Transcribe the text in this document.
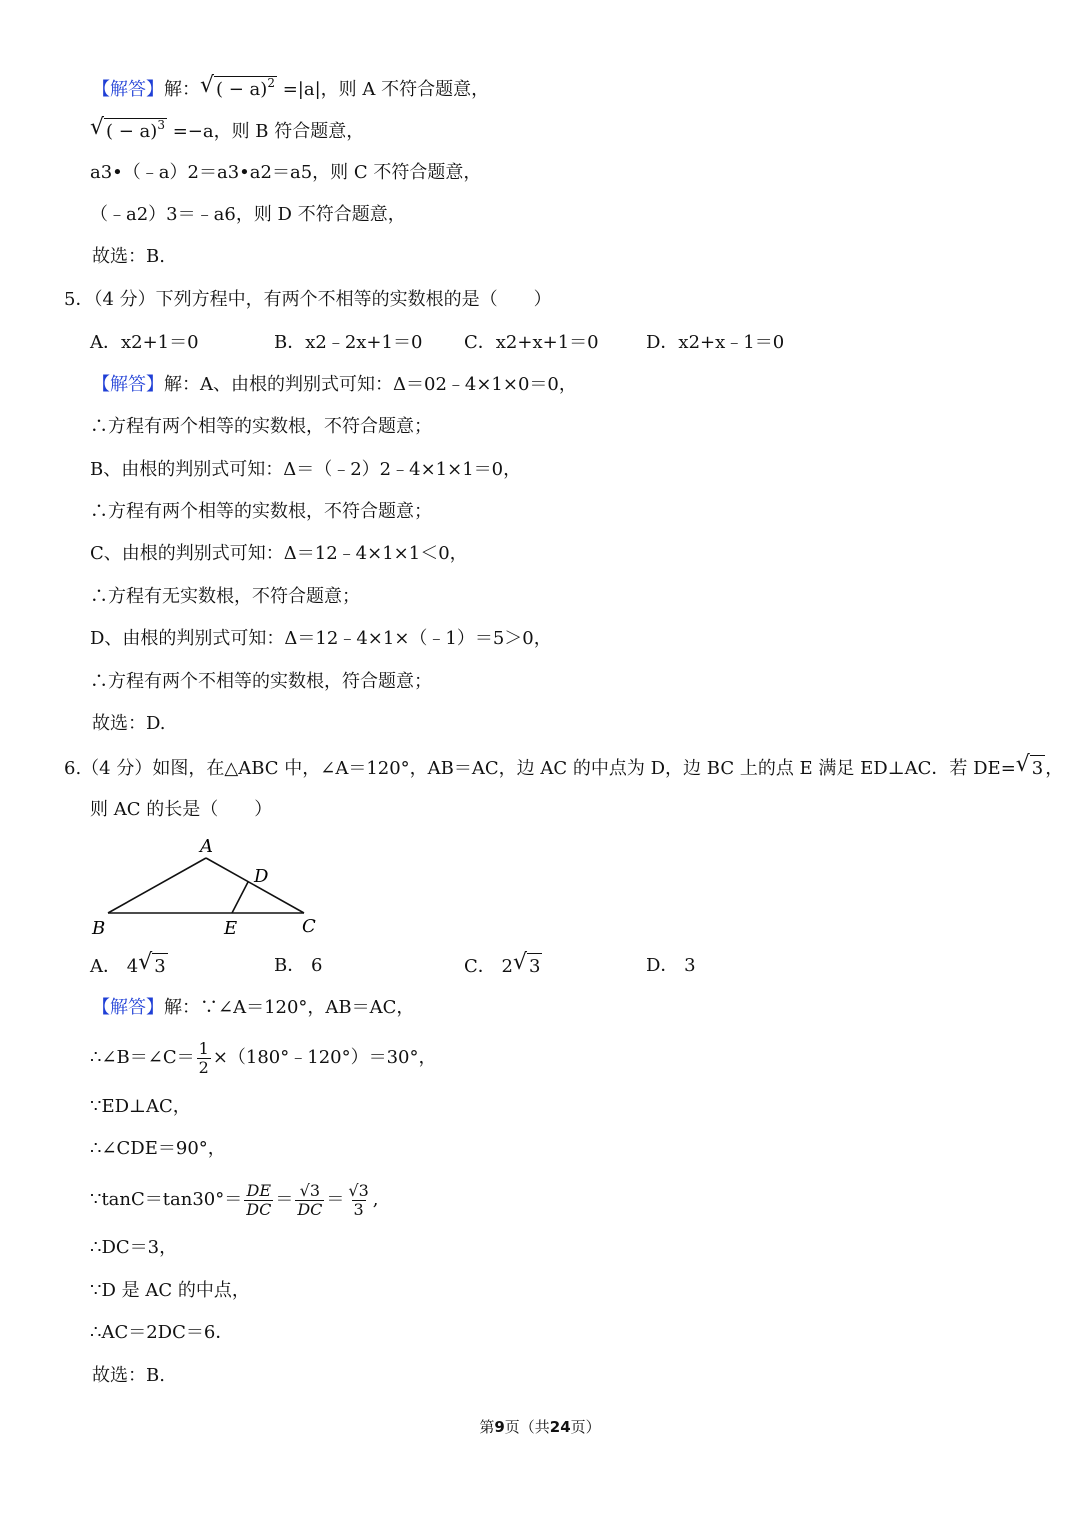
【解答】解： √ ( − a)$^2$ =|a|，则 A 不符合题意，
√ ( − a)$^3$ =−a，则 B 符合题意，
a3•（﹣a）2＝a3•a2＝a5，则 C 不符合题意，
（﹣a2）3＝﹣a6，则 D 不符合题意，
故选：B.
5．（4 分）下列方程中，有两个不相等的实数根的是（　　）
A．x2+1＝0	B．x2﹣2x+1＝0 C．x2+x+1＝0	D．x2+x﹣1＝0
【解答】解：A、由根的判别式可知：Δ＝02﹣4×1×0＝0，
∴方程有两个相等的实数根，不符合题意；
B、由根的判别式可知：Δ＝（﹣2）2﹣4×1×1＝0，
∴方程有两个相等的实数根，不符合题意；
C、由根的判别式可知：Δ＝12﹣4×1×1＜0，
∴方程有无实数根，不符合题意；
D、由根的判别式可知：Δ＝12﹣4×1×（﹣1）＝5＞0，
∴方程有两个不相等的实数根，符合题意；
故选：D.
6.（4 分）如图，在△ABC 中，∠A＝120°，AB＝AC，边 AC 的中点为 D，边 BC 上的点 E 满足 ED⊥AC．若 DE= √ 3 ，
则 AC 的长是（　　）
A
D
B	E	C
A． 4 √ 3	B． 6	C． 2 √ 3	D． 3
【解答】解：∵∠A＝120°，AB＝AC，
∴∠B＝∠C＝ $\frac{1}{2}$ ×（180°﹣120°）＝30°，
∵ED⊥AC，
∴∠CDE＝90°，
∵tanC＝tan30°＝ $\frac{DE}{DC} = \frac{√3}{DC} = \frac{√3}{3}$ ,
∴DC＝3，
∵D 是 AC 的中点，
∴AC＝2DC＝6．
故选：B.
第9页（共24页）
